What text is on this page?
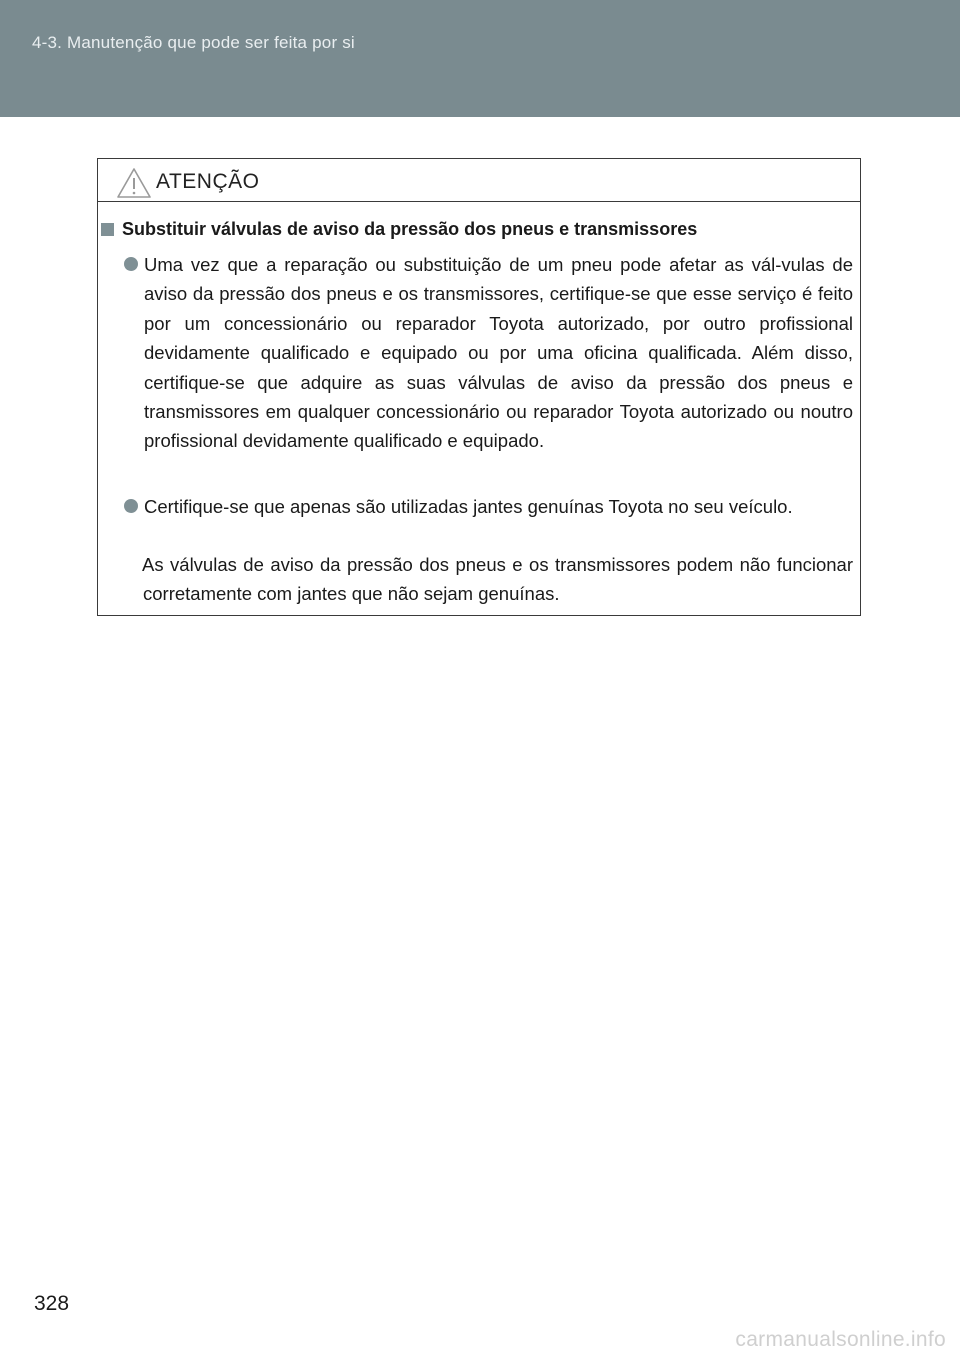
4-3. Manutenção que pode ser feita por si
ATENÇÃO
Substituir válvulas de aviso da pressão dos pneus e transmissores
Uma vez que a reparação ou substituição de um pneu pode afetar as vál-vulas de aviso da pressão dos pneus e os transmissores, certifique-se que esse serviço é feito por um concessionário ou reparador Toyota autorizado, por outro profissional devidamente qualificado e equipado ou por uma oficina qualificada. Além disso, certifique-se que adquire as suas válvulas de aviso da pressão dos pneus e transmissores em qualquer concessionário ou reparador Toyota autorizado ou noutro profissional devidamente qualificado e equipado.
Certifique-se que apenas são utilizadas jantes genuínas Toyota no seu veículo.
As válvulas de aviso da pressão dos pneus e os transmissores podem não funcionar corretamente com jantes que não sejam genuínas.
328
carmanualsonline.info
